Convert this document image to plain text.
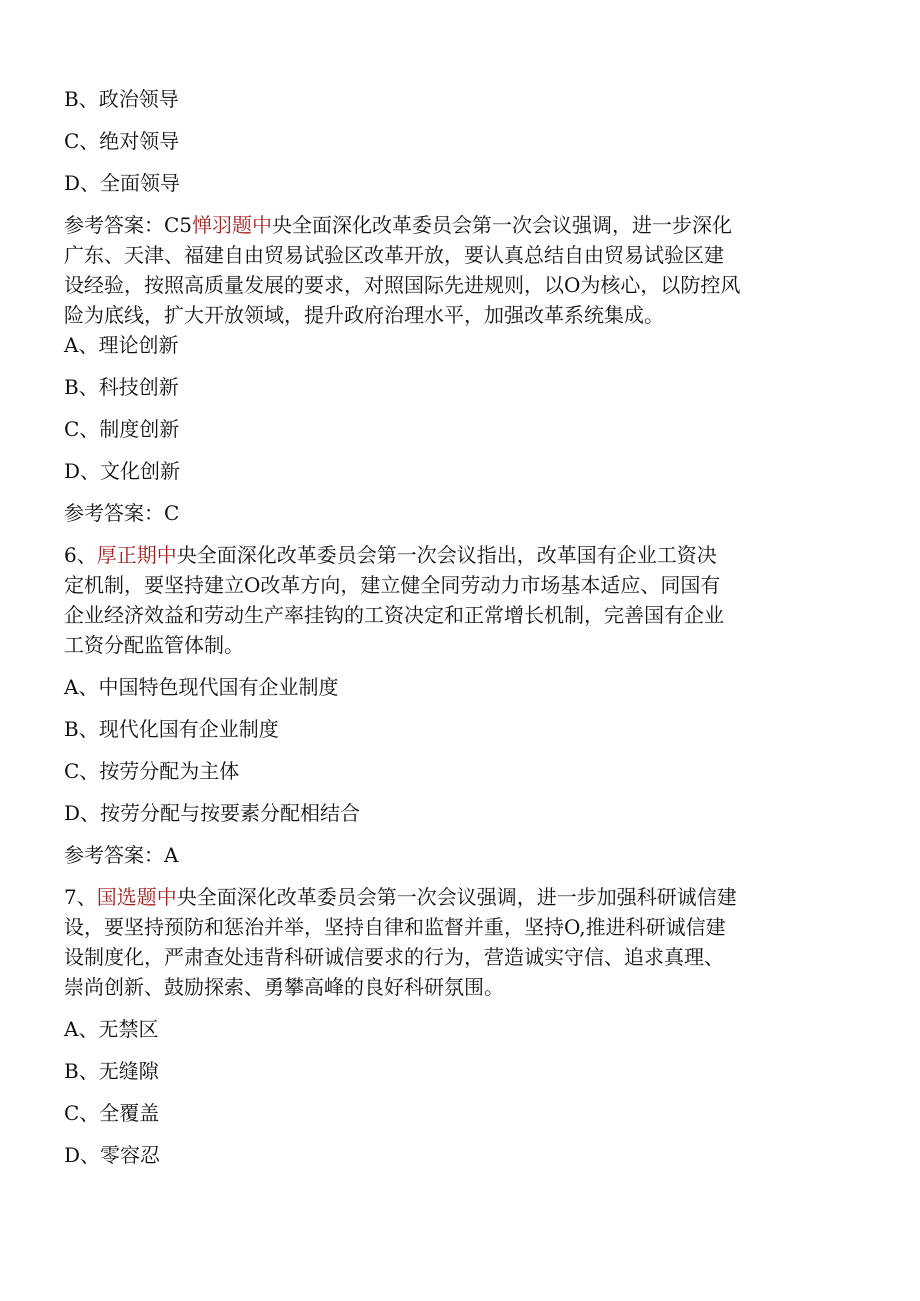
B、政治领导
C、绝对领导
D、全面领导
参考答案：C5惮羽题中央全面深化改革委员会第一次会议强调，进一步深化
广东、天津、福建自由贸易试验区改革开放，要认真总结自由贸易试验区建
设经验，按照高质量发展的要求，对照国际先进规则，以O为核心，以防控风
险为底线，扩大开放领域，提升政府治理水平，加强改革系统集成。
A、理论创新
B、科技创新
C、制度创新
D、文化创新
参考答案：C
6、厚正期中央全面深化改革委员会第一次会议指出，改革国有企业工资决
定机制，要坚持建立O改革方向，建立健全同劳动力市场基本适应、同国有
企业经济效益和劳动生产率挂钩的工资决定和正常增长机制，完善国有企业
工资分配监管体制。
A、中国特色现代国有企业制度
B、现代化国有企业制度
C、按劳分配为主体
D、按劳分配与按要素分配相结合
参考答案：A
7、国选题中央全面深化改革委员会第一次会议强调，进一步加强科研诚信建
设，要坚持预防和惩治并举，坚持自律和监督并重，坚持O,推进科研诚信建
设制度化，严肃查处违背科研诚信要求的行为，营造诚实守信、追求真理、
崇尚创新、鼓励探索、勇攀高峰的良好科研氛围。
A、无禁区
B、无缝隙
C、全覆盖
D、零容忍
